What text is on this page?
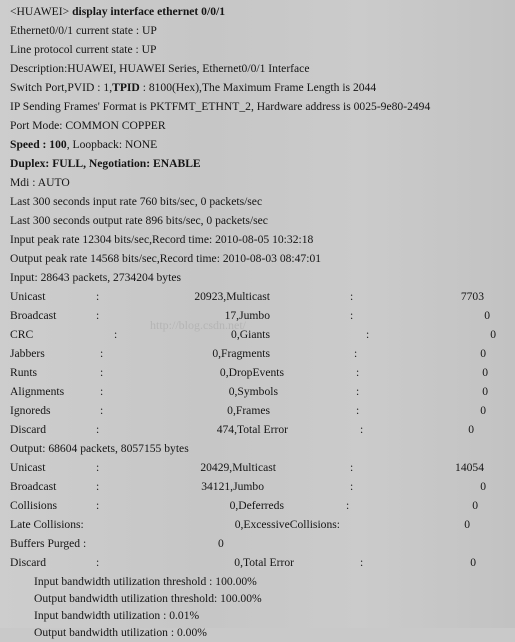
http://blog.csdn.net/
<HUAWEI> display interface ethernet 0/0/1
Ethernet0/0/1 current state : UP
Line protocol current state : UP
Description:HUAWEI, HUAWEI Series, Ethernet0/0/1 Interface
Switch Port,PVID : 1,TPID : 8100(Hex),The Maximum Frame Length is 2044
IP Sending Frames' Format is PKTFMT_ETHNT_2, Hardware address is 0025-9e80-2494
Port Mode: COMMON COPPER
Speed : 100, Loopback: NONE
Duplex: FULL, Negotiation: ENABLE
Mdi : AUTO
Last 300 seconds input rate 760 bits/sec, 0 packets/sec
Last 300 seconds output rate 896 bits/sec, 0 packets/sec
Input peak rate 12304 bits/sec,Record time: 2010-08-05 10:32:18
Output peak rate 14568 bits/sec,Record time: 2010-08-03 08:47:01
Input: 28643 packets, 2734204 bytes
Unicast	:	20923,Multicast	:	7703
Broadcast	:	17,Jumbo	:	0
CRC	:	0,Giants	:	0
Jabbers	:	0,Fragments	:	0
Runts	:	0,DropEvents	:	0
Alignments	:	0,Symbols	:	0
Ignoreds	:	0,Frames	:	0
Discard	:	474,Total Error	:	0
Output: 68604 packets, 8057155 bytes
Unicast	:	20429,Multicast	:	14054
Broadcast	:	34121,Jumbo	:	0
Collisions	:	0,Deferreds	:	0
Late Collisions:	0,ExcessiveCollisions:	0
Buffers Purged :	0
Discard	:	0,Total Error	:	0
Input bandwidth utilization threshold : 100.00%
Output bandwidth utilization threshold: 100.00%
Input bandwidth utilization : 0.01%
Output bandwidth utilization : 0.00%
